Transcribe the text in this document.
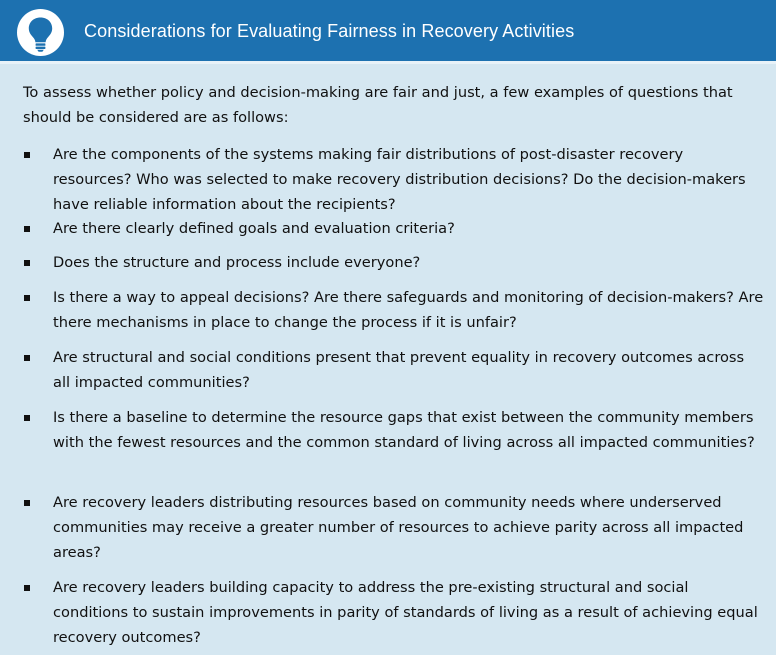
Considerations for Evaluating Fairness in Recovery Activities

To assess whether policy and decision-making are fair and just, a few examples of questions that should be considered are as follows:

Are the components of the systems making fair distributions of post-disaster recovery resources? Who was selected to make recovery distribution decisions? Do the decision-makers have reliable information about the recipients?

Are there clearly defined goals and evaluation criteria?

Does the structure and process include everyone?

Is there a way to appeal decisions? Are there safeguards and monitoring of decision-makers? Are there mechanisms in place to change the process if it is unfair?

Are structural and social conditions present that prevent equality in recovery outcomes across all impacted communities?

Is there a baseline to determine the resource gaps that exist between the community members with the fewest resources and the common standard of living across all impacted communities?

Are recovery leaders distributing resources based on community needs where underserved communities may receive a greater number of resources to achieve parity across all impacted areas?

Are recovery leaders building capacity to address the pre-existing structural and social conditions to sustain improvements in parity of standards of living as a result of achieving equal recovery outcomes?
